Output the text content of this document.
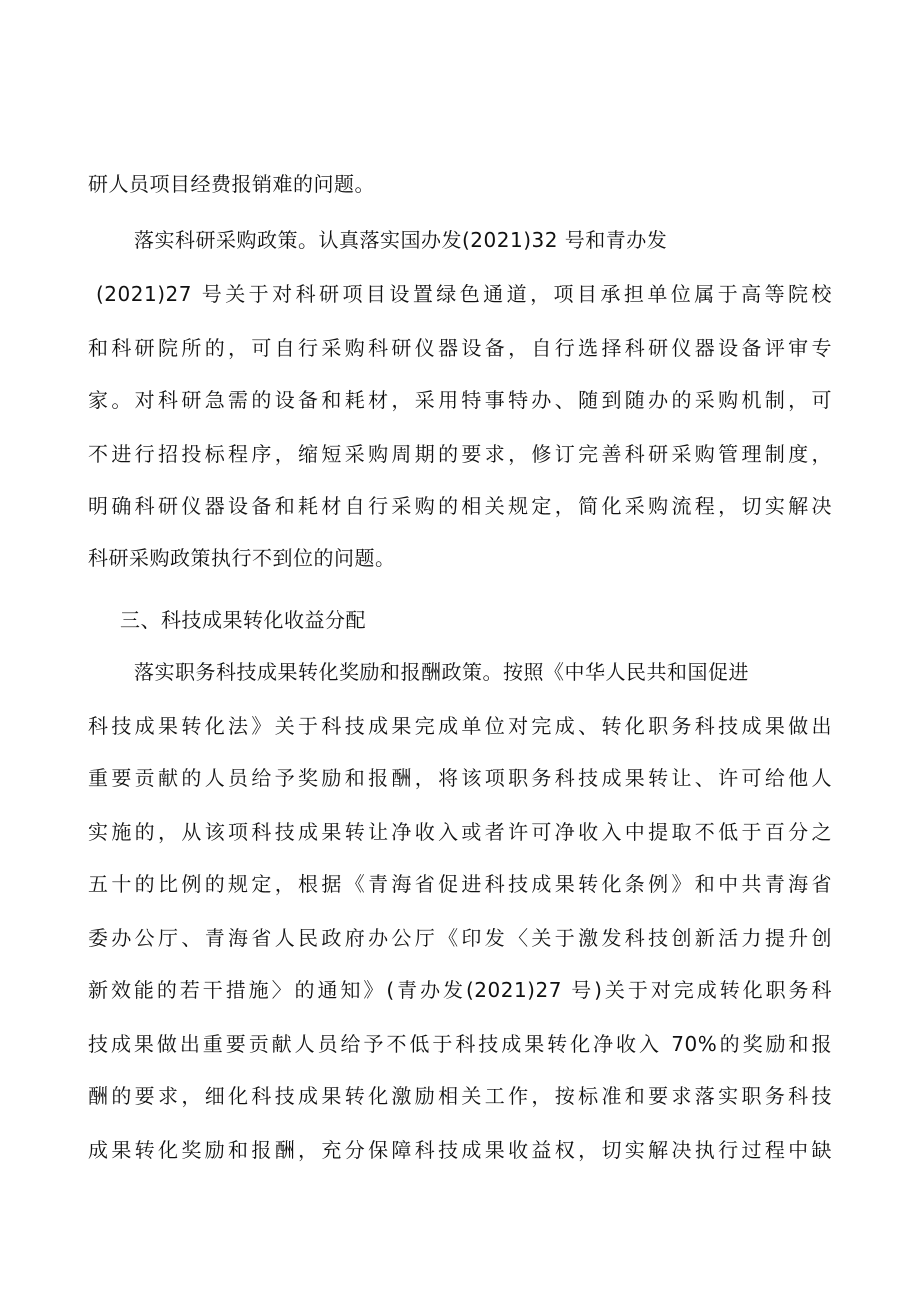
研人员项目经费报销难的问题。
落实科研采购政策。认真落实国办发(2021)32 号和青办发
(2021)27 号关于对科研项目设置绿色通道，项目承担单位属于高等院校
和科研院所的，可自行采购科研仪器设备，自行选择科研仪器设备评审专
家。对科研急需的设备和耗材，采用特事特办、随到随办的采购机制，可
不进行招投标程序，缩短采购周期的要求，修订完善科研采购管理制度，
明确科研仪器设备和耗材自行采购的相关规定，简化采购流程，切实解决
科研采购政策执行不到位的问题。
三、科技成果转化收益分配
落实职务科技成果转化奖励和报酬政策。按照《中华人民共和国促进
科技成果转化法》关于科技成果完成单位对完成、转化职务科技成果做出
重要贡献的人员给予奖励和报酬，将该项职务科技成果转让、许可给他人
实施的，从该项科技成果转让净收入或者许可净收入中提取不低于百分之
五十的比例的规定，根据《青海省促进科技成果转化条例》和中共青海省
委办公厅、青海省人民政府办公厅《印发〈关于激发科技创新活力提升创
新效能的若干措施〉的通知》(青办发(2021)27 号)关于对完成转化职务科
技成果做出重要贡献人员给予不低于科技成果转化净收入 70%的奖励和报
酬的要求，细化科技成果转化激励相关工作，按标准和要求落实职务科技
成果转化奖励和报酬，充分保障科技成果收益权，切实解决执行过程中缺
